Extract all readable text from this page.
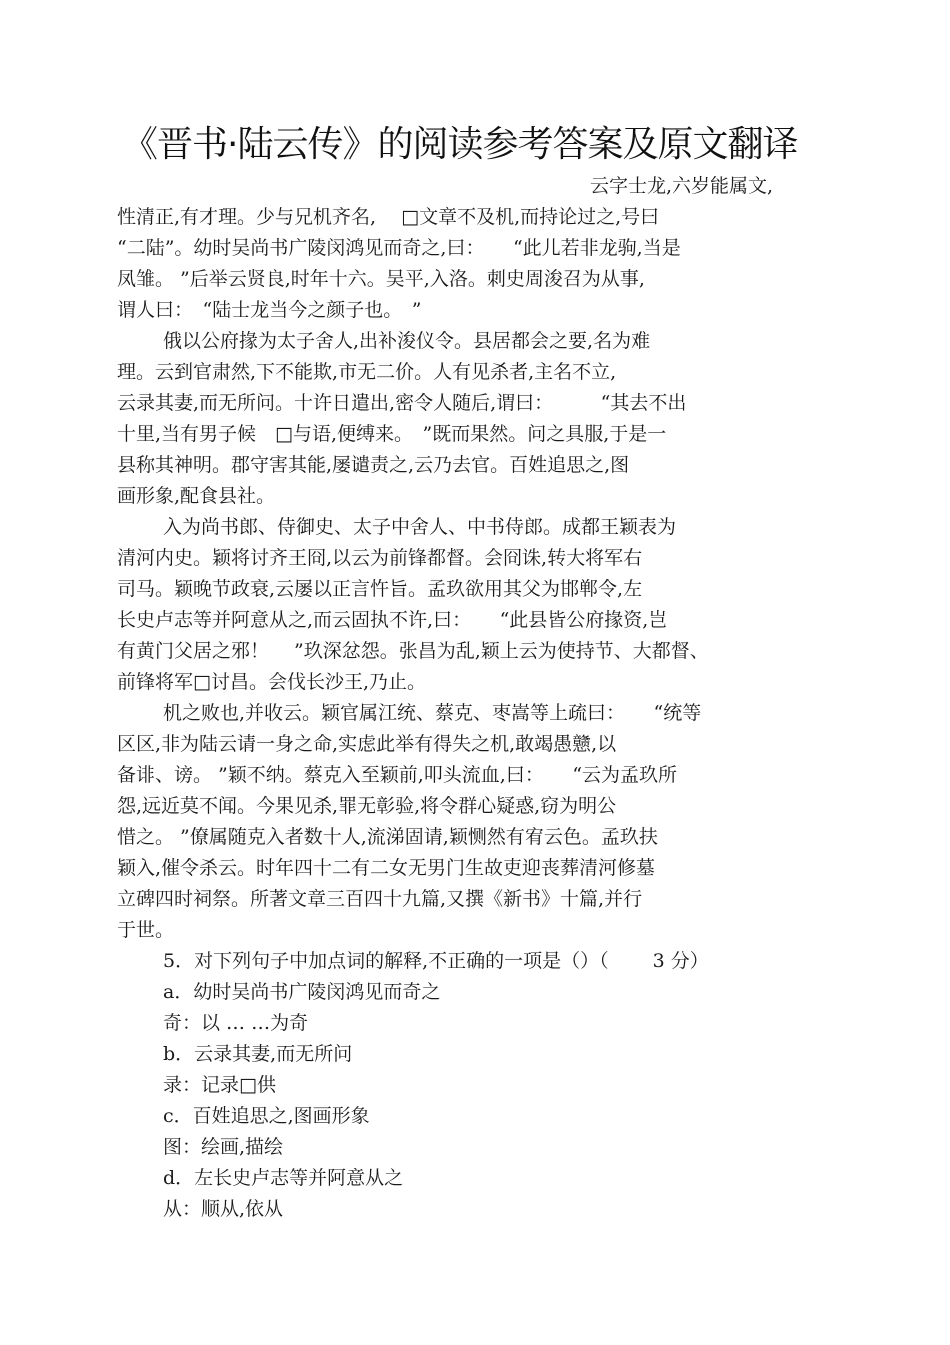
《晋书·陆云传》的阅读参考答案及原文翻译
云字士龙,六岁能属文,
性清正,有才理。少与兄机齐名,　 □文章不及机,而持论过之,号曰
“二陆”。幼时吴尚书广陵闵鸿见而奇之,曰：　　“此儿若非龙驹,当是
凤雏。 ”后举云贤良,时年十六。吴平,入洛。刺史周浚召为从事,
谓人曰：　“陆士龙当今之颜子也。　”
俄以公府掾为太子舍人,出补浚仪令。县居都会之要,名为难
理。云到官肃然,下不能欺,市无二价。人有见杀者,主名不立,
云录其妻,而无所问。十许日遣出,密令人随后,谓曰：　　　“其去不出
十里,当有男子候　□与语,便缚来。　”既而果然。问之具服,于是一
县称其神明。郡守害其能,屡谴责之,云乃去官。百姓追思之,图
画形象,配食县社。
入为尚书郎、侍御史、太子中舍人、中书侍郎。成都王颖表为
清河内史。颖将讨齐王冏,以云为前锋都督。会冏诛,转大将军右
司马。颖晚节政衰,云屡以正言忤旨。孟玖欲用其父为邯郸令,左
长史卢志等并阿意从之,而云固执不许,曰：　　“此县皆公府掾资,岂
有黄门父居之邪！　 ”玖深忿怨。张昌为乱,颖上云为使持节、大都督、
前锋将军□讨昌。会伐长沙王,乃止。
机之败也,并收云。颖官属江统、蔡克、枣嵩等上疏曰：　　“统等
区区,非为陆云请一身之命,实虑此举有得失之机,敢竭愚戆,以
备诽、谤。 ”颖不纳。蔡克入至颖前,叩头流血,曰：　　“云为孟玖所
怨,远近莫不闻。今果见杀,罪无彰验,将令群心疑惑,窃为明公
惜之。 ”僚属随克入者数十人,流涕固请,颖恻然有宥云色。孟玖扶
颖入,催令杀云。时年四十二有二女无男门生故吏迎丧葬清河修墓
立碑四时祠祭。所著文章三百四十九篇,又撰《新书》十篇,并行
于世。
5．对下列句子中加点词的解释,不正确的一项是（）（　　 3 分）
a．幼时吴尚书广陵闵鸿见而奇之
奇：以 … …为奇
b．云录其妻,而无所问
录：记录□供
c．百姓追思之,图画形象
图：绘画,描绘
d．左长史卢志等并阿意从之
从：顺从,依从
